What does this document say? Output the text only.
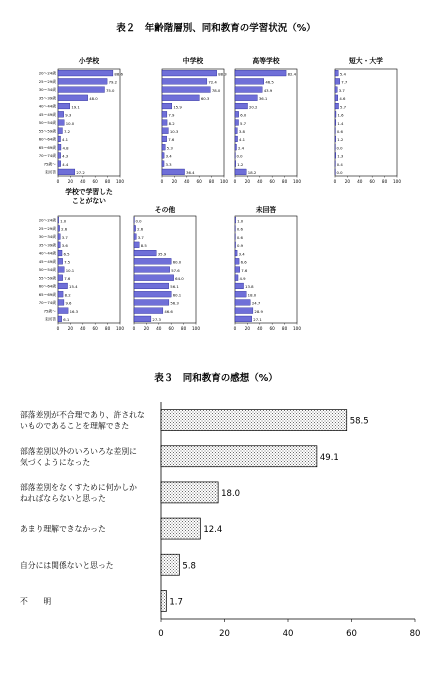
表２　年齢階層別、同和教育の学習状況（%）
小学校
20～24歳
25～29歳
30～34歳
35～39歳
40～44歳
45～49歳
50～54歳
55～59歳
60～64歳
65～69歳
70～74歳
75歳～
未回答
88.6
79.2
75.0
48.0
19.1
9.3
10.0
7.2
4.1
4.8
4.3
4.4
27.2
0 20 40 60 80 100
中学校
88.3
72.4
78.0
60.3
15.9
7.9
8.2
10.3
7.6
5.3
3.4
3.3
36.4
0 20 40 60 80 100
高等学校
82.4
46.5
43.9
36.1
20.2
6.0
5.7
3.8
4.1
2.4
0.0
1.2
18.2
0 20 40 60 80 100
短大・大学
5.4
7.7
3.7
4.6
5.7
1.6
1.4
0.6
1.2
0.0
1.3
0.4
0.0
0 20 40 60 80 100
学校で学習した
ことがない
20～24歳
25～29歳
30～34歳
35～39歳
40～44歳
45～49歳
50～54歳
55～59歳
60～64歳
65～69歳
70～74歳
75歳～
未回答
1.0
2.6
3.7
3.6
6.5
7.5
10.1
7.6
15.4
8.2
9.6
16.3
6.1
0 20 40 60 80 100
その他
0.0
2.6
3.7
8.5
35.9
60.0
57.6
64.0
56.1
60.1
56.3
46.6
27.3
0 20 40 60 80 100
未回答
1.0
0.6
0.6
0.9
3.4
6.6
7.6
4.9
13.8
18.0
24.7
28.9
27.1
0 20 40 60 80 100
表３　同和教育の感想（%）
58.5
部落差別が不合理であり、許されな
いものであることを理解できた
49.1
部落差別以外のいろいろな差別に
気づくようになった
18.0
部落差別をなくすために何かしか
ねればならないと思った
12.4
あまり理解できなかった
5.8
自分には関係ないと思った
1.7
不　　明
0	20	40	60	80
